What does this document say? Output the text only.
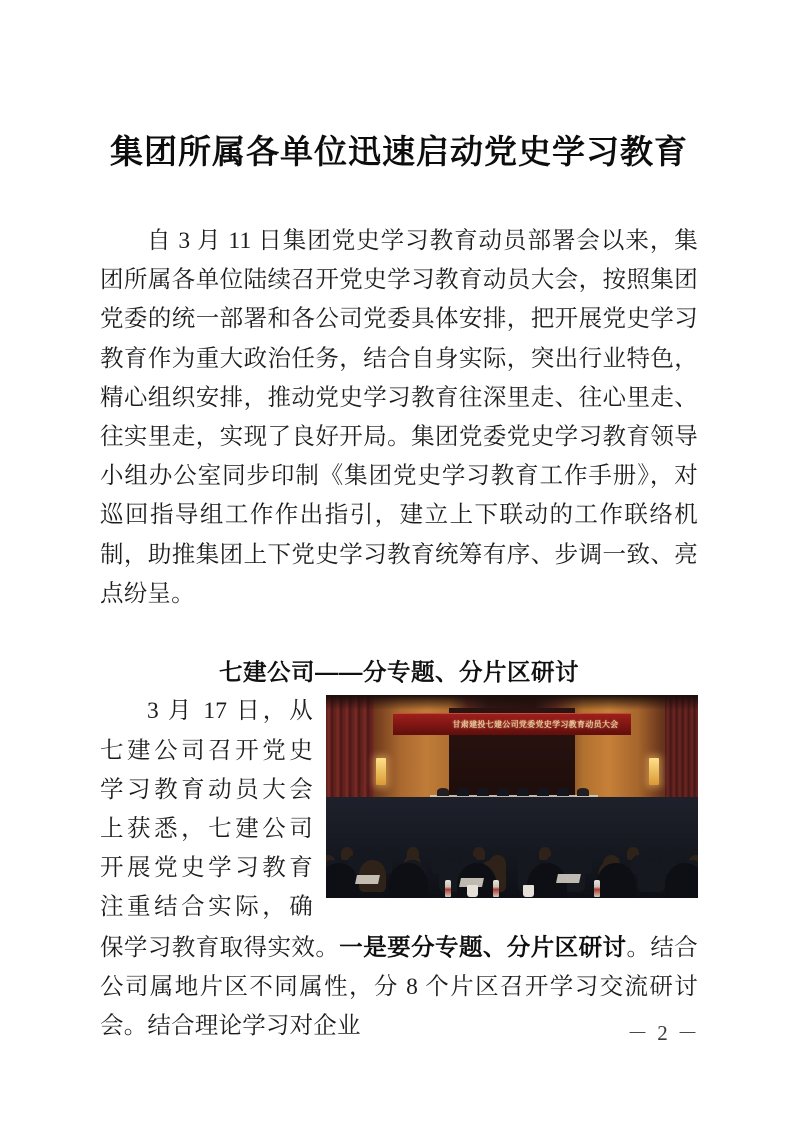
集团所属各单位迅速启动党史学习教育

自 3 月 11 日集团党史学习教育动员部署会以来，集团所属各单位陆续召开党史学习教育动员大会，按照集团党委的统一部署和各公司党委具体安排，把开展党史学习教育作为重大政治任务，结合自身实际，突出行业特色，精心组织安排，推动党史学习教育往深里走、往心里走、往实里走，实现了良好开局。集团党委党史学习教育领导小组办公室同步印制《集团党史学习教育工作手册》，对巡回指导组工作作出指引，建立上下联动的工作联络机制，助推集团上下党史学习教育统筹有序、步调一致、亮点纷呈。

七建公司——分专题、分片区研讨

甘肃建投七建公司党委党史学习教育动员大会
3 月 17 日，从七建公司召开党史学习教育动员大会上获悉，七建公司开展党史学习教育注重结合实际，确保学习教育取得实效。一是要分专题、分片区研讨。结合公司属地片区不同属性，分 8 个片区召开学习交流研讨会。结合理论学习对企业	－ 2 －
